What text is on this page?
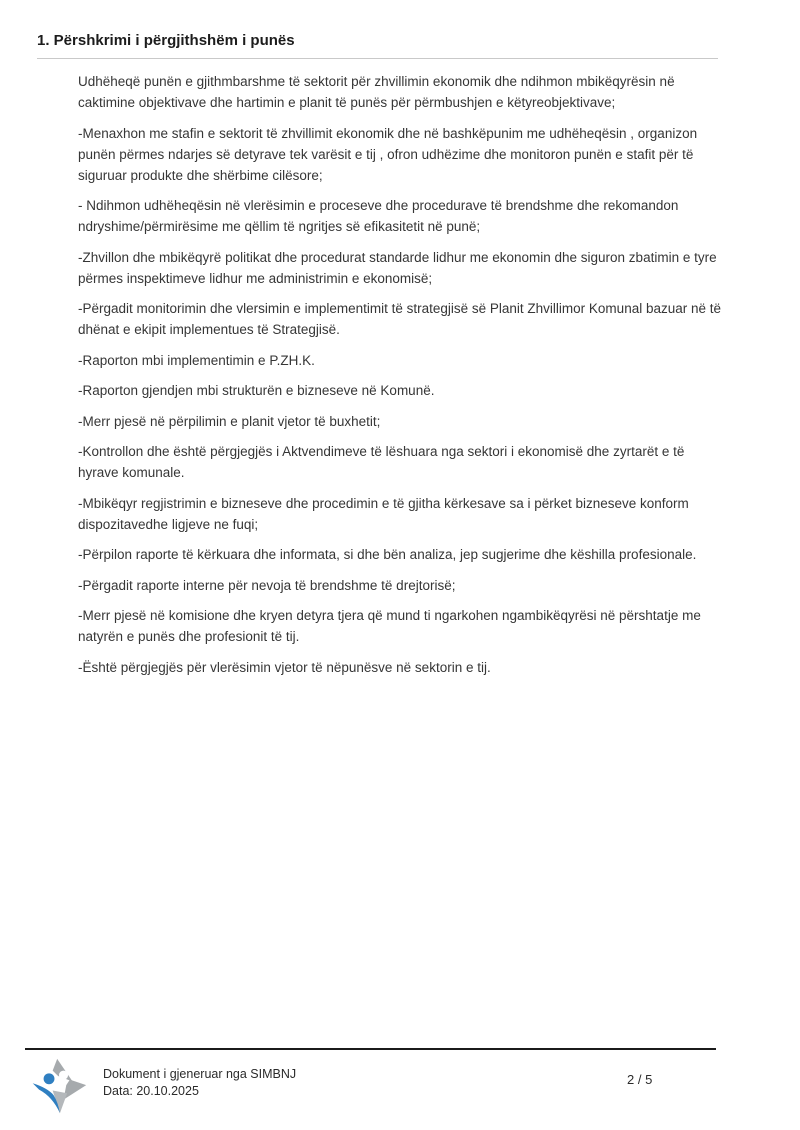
1. Përshkrimi i përgjithshëm i punës

Udhëheqë punën e gjithmbarshme të sektorit për zhvillimin ekonomik dhe ndihmon mbikëqyrësin në caktimine objektivave dhe hartimin e planit të punës për përmbushjen e këtyreobjektivave;

-Menaxhon me stafin e sektorit të zhvillimit ekonomik dhe në bashkëpunim me udhëheqësin , organizon punën përmes ndarjes së detyrave tek varësit e tij , ofron udhëzime dhe monitoron punën e stafit për të siguruar produkte dhe shërbime cilësore;

- Ndihmon udhëheqësin në vlerësimin e proceseve dhe procedurave të brendshme dhe rekomandon ndryshime/përmirësime me qëllim të ngritjes së efikasitetit në punë;

-Zhvillon dhe mbikëqyrë politikat dhe procedurat standarde lidhur me ekonomin dhe siguron zbatimin e tyre përmes inspektimeve lidhur me administrimin e ekonomisë;

-Përgadit monitorimin dhe vlersimin e implementimit të strategjisë së Planit Zhvillimor Komunal bazuar në të dhënat e ekipit implementues të Strategjisë.

-Raporton mbi implementimin e P.ZH.K.

-Raporton gjendjen mbi strukturën e bizneseve në Komunë.

-Merr pjesë në përpilimin e planit vjetor të buxhetit;

-Kontrollon dhe është përgjegjës i Aktvendimeve të lëshuara nga sektori i ekonomisë dhe zyrtarët e të hyrave komunale.

-Mbikëqyr regjistrimin e bizneseve dhe procedimin e të gjitha kërkesave sa i përket bizneseve konform dispozitavedhe ligjeve ne fuqi;

-Përpilon raporte të kërkuara dhe informata, si dhe bën analiza, jep sugjerime dhe këshilla profesionale.

-Përgadit raporte interne për nevoja të brendshme të drejtorisë;

-Merr pjesë në komisione dhe kryen detyra tjera që mund ti ngarkohen ngambikëqyrësi në përshtatje me natyrën e punës dhe profesionit të tij.

-Është përgjegjës për vlerësimin vjetor të nëpunësve në sektorin e tij.

Dokument i gjeneruar nga SIMBNJ
Data: 20.10.2025
2 / 5
